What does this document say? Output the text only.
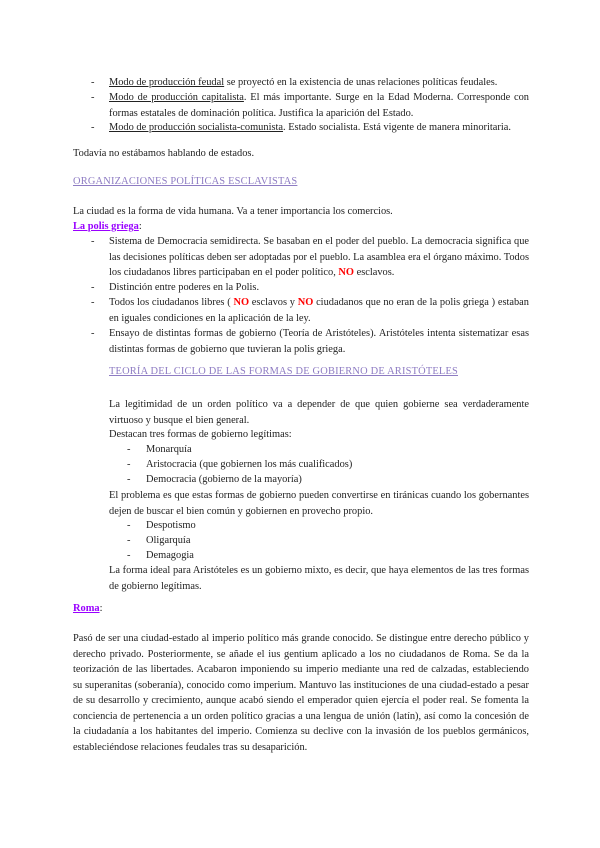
- Modo de producción feudal se proyectó en la existencia de unas relaciones políticas feudales.
- Modo de producción capitalista. El más importante. Surge en la Edad Moderna. Corresponde con formas estatales de dominación política. Justifica la aparición del Estado.
- Modo de producción socialista-comunista. Estado socialista. Está vigente de manera minoritaria.
Todavía no estábamos hablando de estados.
ORGANIZACIONES POLÍTICAS ESCLAVISTAS
La ciudad es la forma de vida humana. Va a tener importancia los comercios.
La polis griega:
- Sistema de Democracia semidirecta. Se basaban en el poder del pueblo. La democracia significa que las decisiones políticas deben ser adoptadas por el pueblo. La asamblea era el órgano máximo. Todos los ciudadanos libres participaban en el poder político, NO esclavos.
- Distinción entre poderes en la Polis.
- Todos los ciudadanos libres ( NO esclavos y NO ciudadanos que no eran de la polis griega ) estaban en iguales condiciones en la aplicación de la ley.
- Ensayo de distintas formas de gobierno (Teoría de Aristóteles). Aristóteles intenta sistematizar esas distintas formas de gobierno que tuvieran la polis griega.
TEORÍA DEL CICLO DE LAS FORMAS DE GOBIERNO DE ARISTÓTELES
La legitimidad de un orden político va a depender de que quien gobierne sea verdaderamente virtuoso y busque el bien general.
Destacan tres formas de gobierno legítimas:
- Monarquía
- Aristocracia (que gobiernen los más cualificados)
- Democracia (gobierno de la mayoría)
El problema es que estas formas de gobierno pueden convertirse en tiránicas cuando los gobernantes dejen de buscar el bien común y gobiernen en provecho propio.
- Despotismo
- Oligarquía
- Demagogia
La forma ideal para Aristóteles es un gobierno mixto, es decir, que haya elementos de las tres formas de gobierno legítimas.
Roma:
Pasó de ser una ciudad-estado al imperio político más grande conocido. Se distingue entre derecho público y derecho privado. Posteriormente, se añade el ius gentium aplicado a los no ciudadanos de Roma. Se da la teorización de las libertades. Acabaron imponiendo su imperio mediante una red de calzadas, estableciendo su superanitas (soberanía), conocido como imperium. Mantuvo las instituciones de una ciudad-estado a pesar de su desarrollo y crecimiento, aunque acabó siendo el emperador quien ejercía el poder real. Se fomenta la conciencia de pertenencia a un orden político gracias a una lengua de unión (latín), así como la concesión de la ciudadanía a los habitantes del imperio. Comienza su declive con la invasión de los pueblos germánicos, estableciéndose relaciones feudales tras su desaparición.
